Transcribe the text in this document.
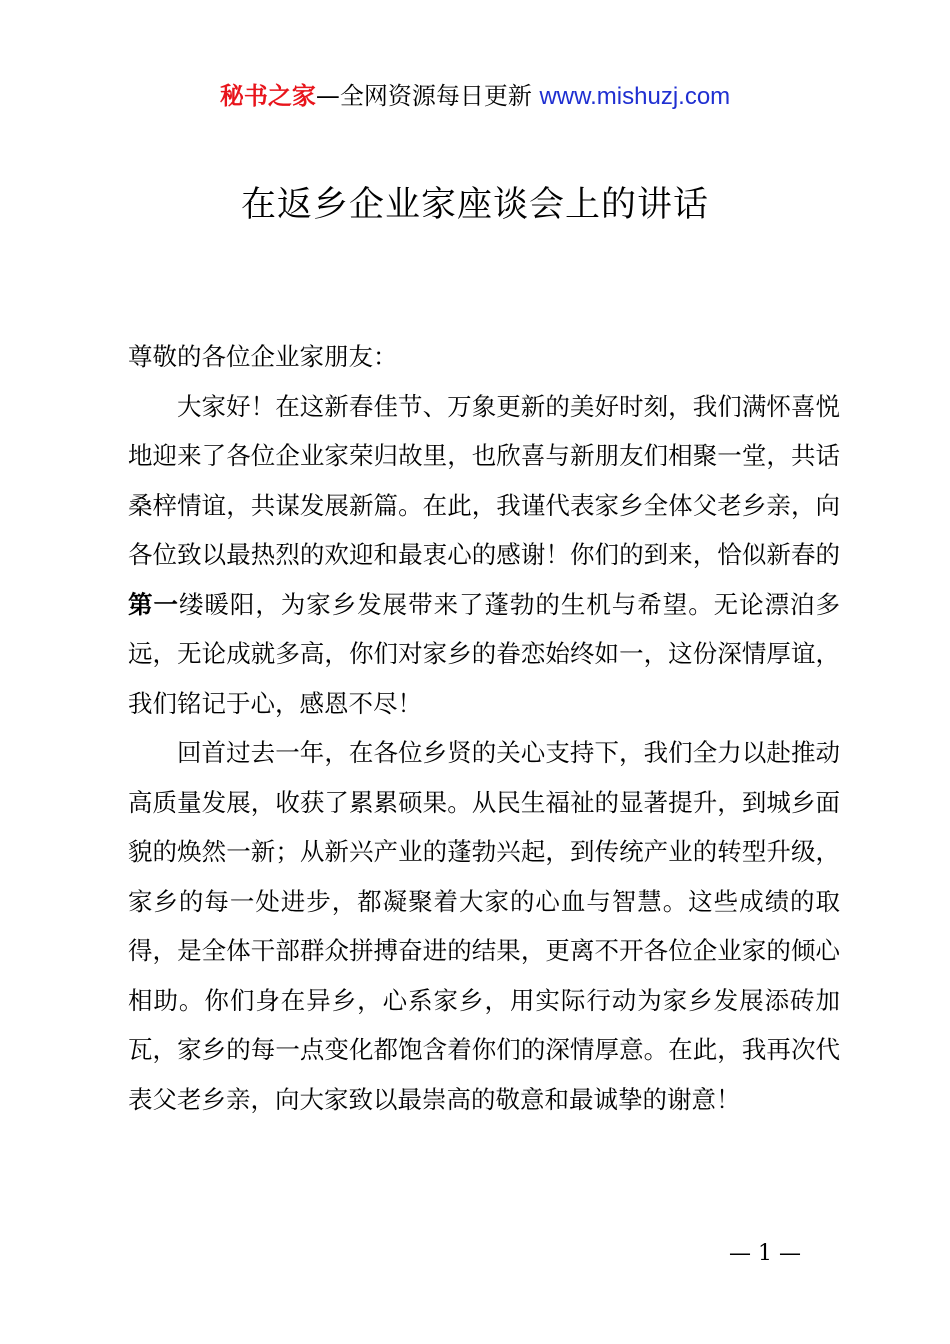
秘书之家—全网资源每日更新 www.mishuzj.com
在返乡企业家座谈会上的讲话

尊敬的各位企业家朋友：

大家好！在这新春佳节、万象更新的美好时刻，我们满怀喜悦地迎来了各位企业家荣归故里，也欣喜与新朋友们相聚一堂，共话桑梓情谊，共谋发展新篇。在此，我谨代表家乡全体父老乡亲，向各位致以最热烈的欢迎和最衷心的感谢！你们的到来，恰似新春的第一缕暖阳，为家乡发展带来了蓬勃的生机与希望。无论漂泊多远，无论成就多高，你们对家乡的眷恋始终如一，这份深情厚谊，我们铭记于心，感恩不尽！

回首过去一年，在各位乡贤的关心支持下，我们全力以赴推动高质量发展，收获了累累硕果。从民生福祉的显著提升，到城乡面貌的焕然一新；从新兴产业的蓬勃兴起，到传统产业的转型升级，家乡的每一处进步，都凝聚着大家的心血与智慧。这些成绩的取得，是全体干部群众拼搏奋进的结果，更离不开各位企业家的倾心相助。你们身在异乡，心系家乡，用实际行动为家乡发展添砖加瓦，家乡的每一点变化都饱含着你们的深情厚意。在此，我再次代表父老乡亲，向大家致以最崇高的敬意和最诚挚的谢意！

— 1 —
